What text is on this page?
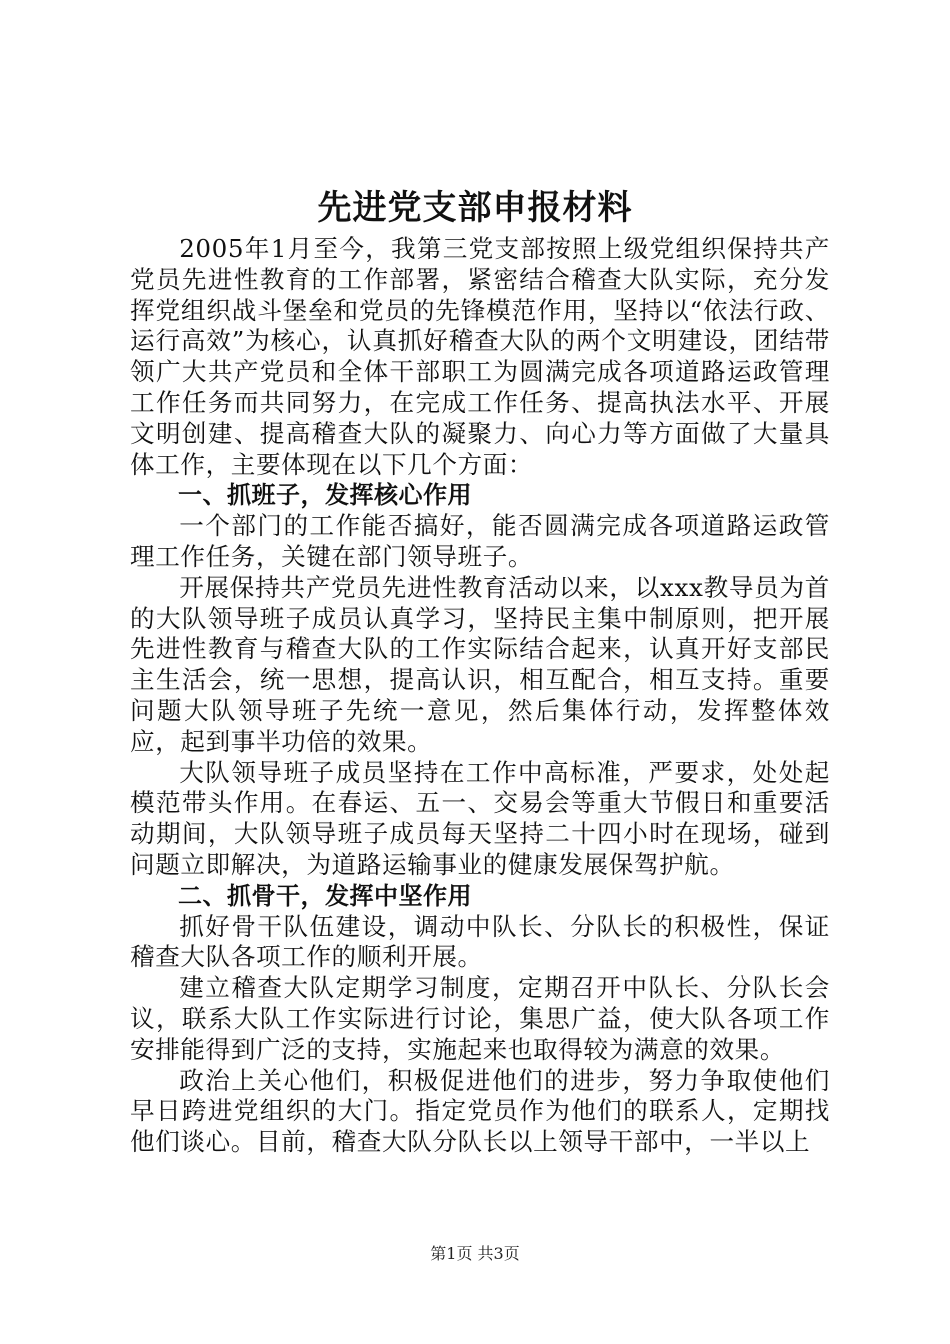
先进党支部申报材料

2005年1月至今，我第三党支部按照上级党组织保持共产党员先进性教育的工作部署，紧密结合稽查大队实际，充分发挥党组织战斗堡垒和党员的先锋模范作用，坚持以“依法行政、运行高效”为核心，认真抓好稽查大队的两个文明建设，团结带领广大共产党员和全体干部职工为圆满完成各项道路运政管理工作任务而共同努力，在完成工作任务、提高执法水平、开展文明创建、提高稽查大队的凝聚力、向心力等方面做了大量具体工作，主要体现在以下几个方面：

一、抓班子，发挥核心作用

一个部门的工作能否搞好，能否圆满完成各项道路运政管理工作任务，关键在部门领导班子。

开展保持共产党员先进性教育活动以来，以xxx教导员为首的大队领导班子成员认真学习，坚持民主集中制原则，把开展先进性教育与稽查大队的工作实际结合起来，认真开好支部民主生活会，统一思想，提高认识，相互配合，相互支持。重要问题大队领导班子先统一意见，然后集体行动，发挥整体效应，起到事半功倍的效果。

大队领导班子成员坚持在工作中高标准，严要求，处处起模范带头作用。在春运、五一、交易会等重大节假日和重要活动期间，大队领导班子成员每天坚持二十四小时在现场，碰到问题立即解决，为道路运输事业的健康发展保驾护航。

二、抓骨干，发挥中坚作用

抓好骨干队伍建设，调动中队长、分队长的积极性，保证稽查大队各项工作的顺利开展。

建立稽查大队定期学习制度，定期召开中队长、分队长会议，联系大队工作实际进行讨论，集思广益，使大队各项工作安排能得到广泛的支持，实施起来也取得较为满意的效果。

政治上关心他们，积极促进他们的进步，努力争取使他们早日跨进党组织的大门。指定党员作为他们的联系人，定期找他们谈心。目前，稽查大队分队长以上领导干部中，一半以上

第1页 共3页
